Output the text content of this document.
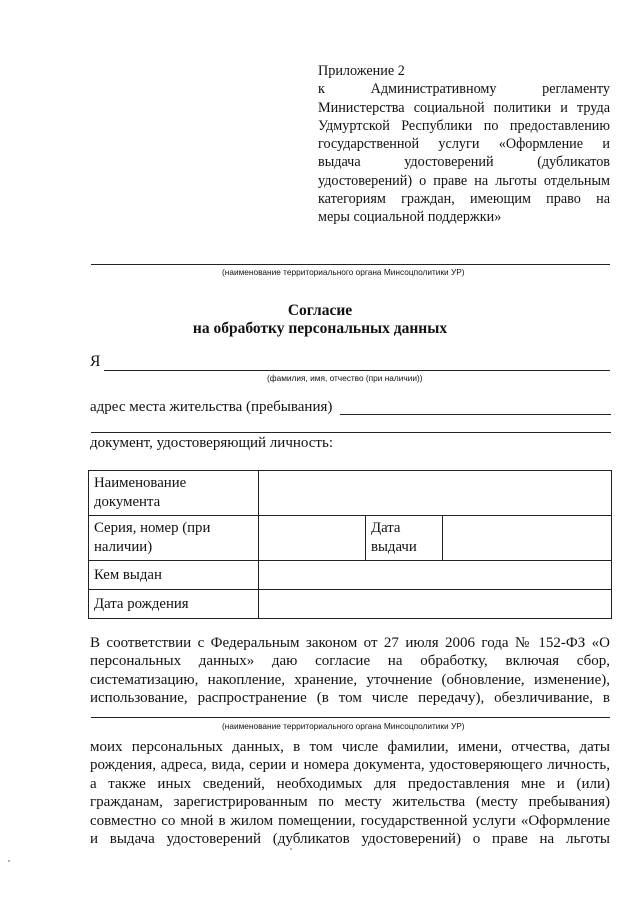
Приложение 2
к Административному регламенту
Министерства социальной политики и труда
Удмуртской Республики по предоставлению
государственной услуги «Оформление и
выдача удостоверений (дубликатов
удостоверений) о праве на льготы отдельным
категориям граждан, имеющим право на
меры социальной поддержки»
(наименование территориального органа Минсоцполитики УР)
Согласие
на обработку персональных данных
Я
(фамилия, имя, отчество (при наличии))
адрес места жительства (пребывания)
документ, удостоверяющий личность:
Наименование документа			
Серия, номер (при наличии)		Дата выдачи	
Кем выдан			
Дата рождения			
В соответствии с Федеральным законом от 27 июля 2006 года № 152-ФЗ «О
персональных данных» даю согласие на обработку, включая сбор,
систематизацию, накопление, хранение, уточнение (обновление, изменение),
использование, распространение (в том числе передачу), обезличивание, в
(наименование территориального органа Минсоцполитики УР)
моих персональных данных, в том числе фамилии, имени, отчества, даты
рождения, адреса, вида, серии и номера документа, удостоверяющего личность,
а также иных сведений, необходимых для предоставления мне и (или)
гражданам, зарегистрированным по месту жительства (месту пребывания)
совместно со мной в жилом помещении, государственной услуги «Оформление
и выдача удостоверений (дубликатов удостоверений) о праве на льготы
